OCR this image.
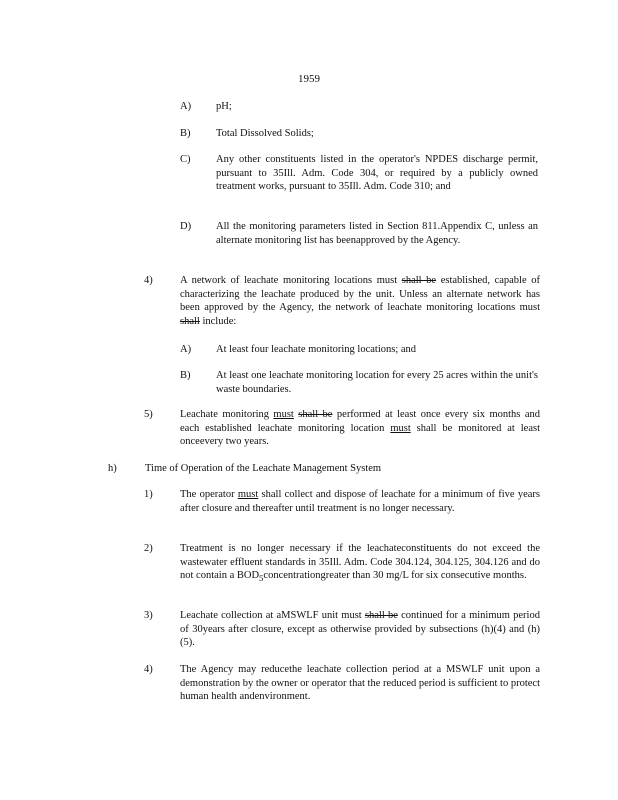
1959
A) pH;
B) Total Dissolved Solids;
C) Any other constituents listed in the operator's NPDES discharge permit, pursuant to 35Ill. Adm. Code 304, or required by a publicly owned treatment works, pursuant to 35Ill. Adm. Code 310; and
D) All the monitoring parameters listed in Section 811.Appendix C, unless an alternate monitoring list has beenapproved by the Agency.
4)	A network of leachate monitoring locations must shall be established, capable of characterizing the leachate produced by the unit. Unless an alternate network has been approved by the Agency, the network of leachate monitoring locations must shall include:
A) At least four leachate monitoring locations; and
B) At least one leachate monitoring location for every 25 acres within the unit's waste boundaries.
5)	Leachate monitoring must shall be performed at least once every six months and each established leachate monitoring location must shall be monitored at least onceevery two years.
h)	Time of Operation of the Leachate Management System
1)	The operator must shall collect and dispose of leachate for a minimum of five years after closure and thereafter until treatment is no longer necessary.
2)	Treatment is no longer necessary if the leachateconstituents do not exceed the wastewater effluent standards in 35Ill. Adm. Code 304.124, 304.125, 304.126 and do not contain a $BOD_5concentrationgreater$ than 30 mg/L for six consecutive months.
3)	Leachate collection at aMSWLF unit must shall be continued for a minimum period of 30years after closure, except as otherwise provided by subsections (h)(4) and (h)(5).
4)	The Agency may reducethe leachate collection period at a MSWLF unit upon a demonstration by the owner or operator that the reduced period is sufficient to protect human health andenvironment.
